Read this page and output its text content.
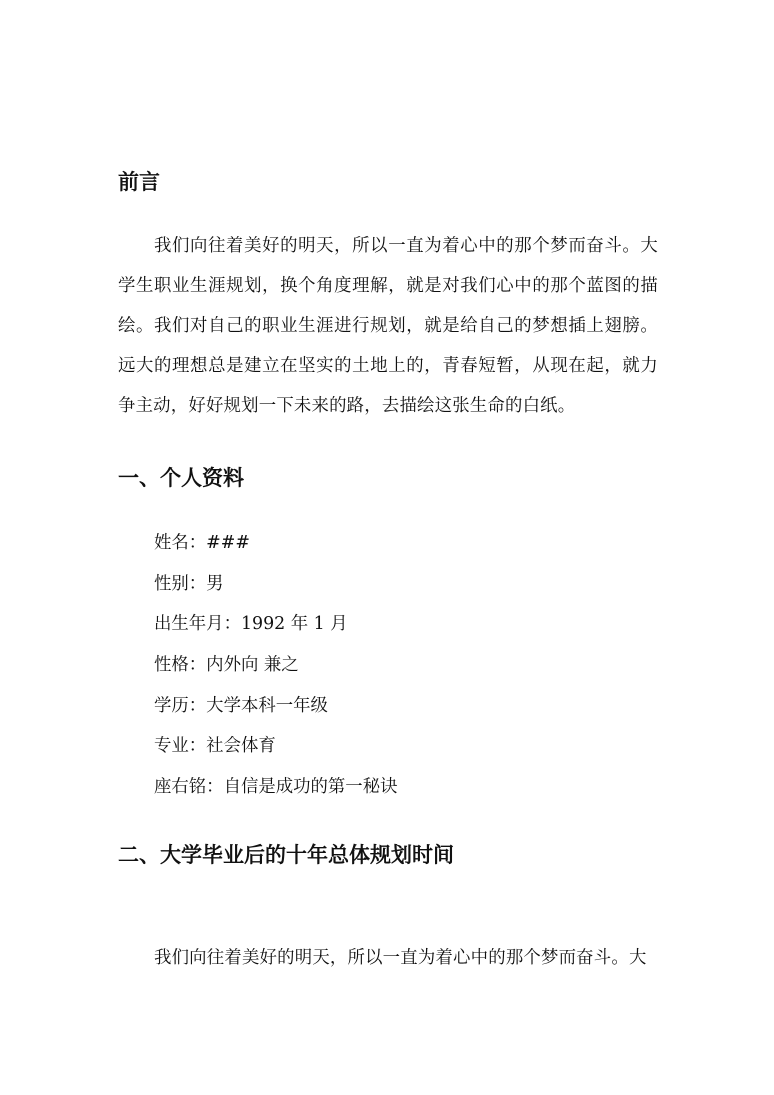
前言

我们向往着美好的明天，所以一直为着心中的那个梦而奋斗。大学生职业生涯规划，换个角度理解，就是对我们心中的那个蓝图的描绘。我们对自己的职业生涯进行规划，就是给自己的梦想插上翅膀。远大的理想总是建立在坚实的土地上的，青春短暂，从现在起，就力争主动，好好规划一下未来的路，去描绘这张生命的白纸。

一、个人资料
姓名：###
性别：男
出生年月：1992 年 1 月
性格：内外向 兼之
学历：大学本科一年级
专业：社会体育
座右铭：自信是成功的第一秘诀
二、大学毕业后的十年总体规划时间

我们向往着美好的明天，所以一直为着心中的那个梦而奋斗。大
